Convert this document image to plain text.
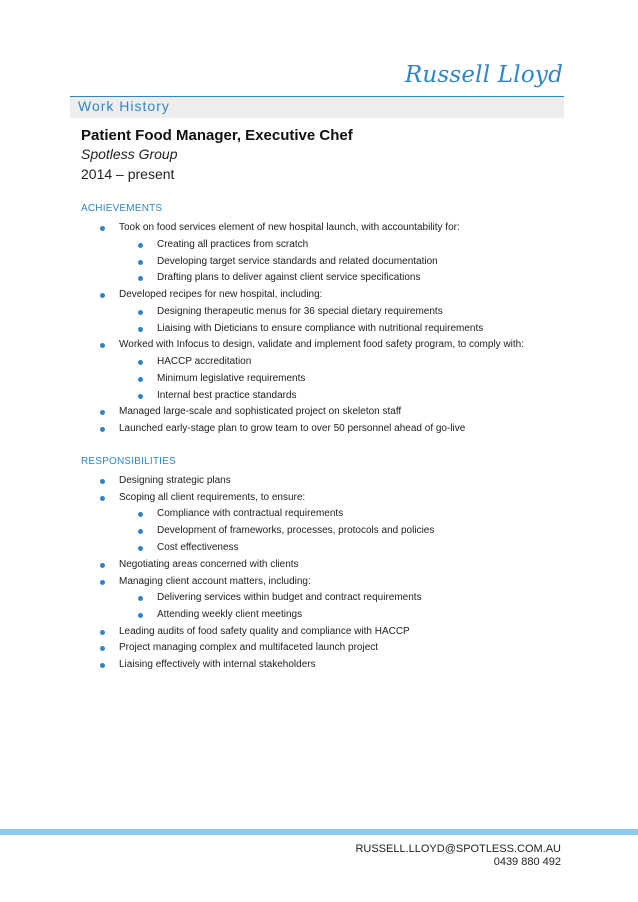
Russell Lloyd
Work History
Patient Food Manager, Executive Chef
Spotless Group
2014 – present
ACHIEVEMENTS
Took on food services element of new hospital launch, with accountability for:
Creating all practices from scratch
Developing target service standards and related documentation
Drafting plans to deliver against client service specifications
Developed recipes for new hospital, including:
Designing therapeutic menus for 36 special dietary requirements
Liaising with Dieticians to ensure compliance with nutritional requirements
Worked with Infocus to design, validate and implement food safety program, to comply with:
HACCP accreditation
Minimum legislative requirements
Internal best practice standards
Managed large-scale and sophisticated project on skeleton staff
Launched early-stage plan to grow team to over 50 personnel ahead of go-live
RESPONSIBILITIES
Designing strategic plans
Scoping all client requirements, to ensure:
Compliance with contractual requirements
Development of frameworks, processes, protocols and policies
Cost effectiveness
Negotiating areas concerned with clients
Managing client account matters, including:
Delivering services within budget and contract requirements
Attending weekly client meetings
Leading audits of food safety quality and compliance with HACCP
Project managing complex and multifaceted launch project
Liaising effectively with internal stakeholders
RUSSELL.LLOYD@SPOTLESS.COM.AU
0439 880 492
